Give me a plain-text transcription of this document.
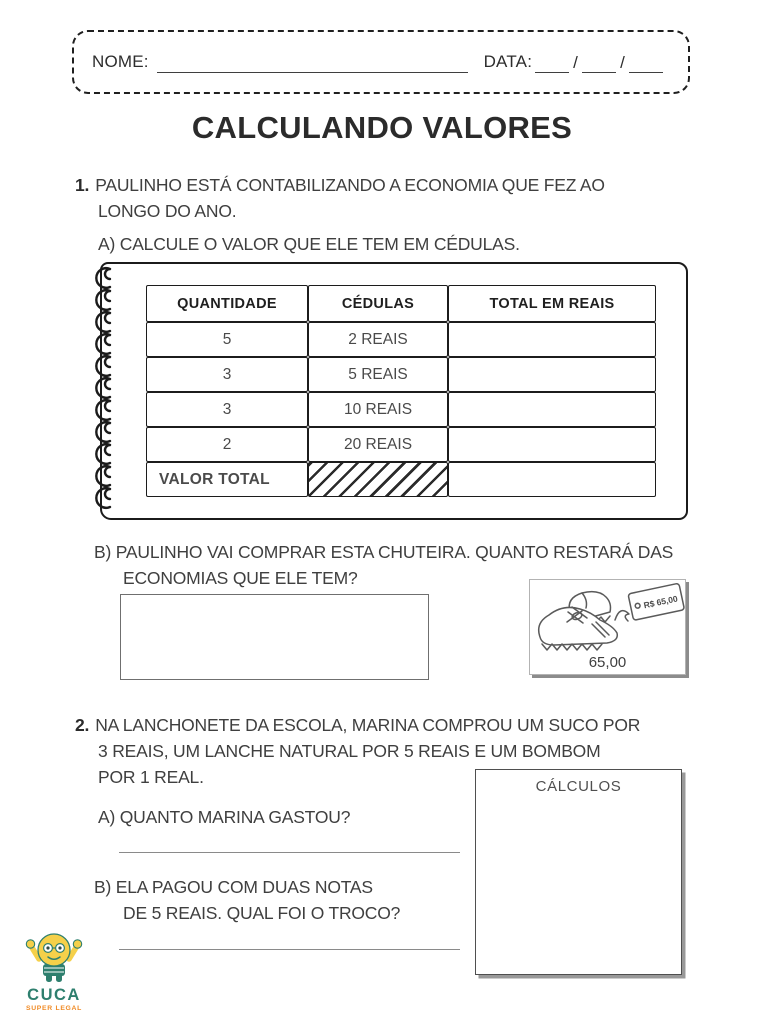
NOME:	DATA: / /
CALCULANDO VALORES
1. PAULINHO ESTÁ CONTABILIZANDO A ECONOMIA QUE FEZ AO
LONGO DO ANO.
A) CALCULE O VALOR QUE ELE TEM EM CÉDULAS.
QUANTIDADE	CÉDULAS	TOTAL EM REAIS
5	2 REAIS	
3	5 REAIS	
3	10 REAIS	
2	20 REAIS	
VALOR TOTAL		
B) PAULINHO VAI COMPRAR ESTA CHUTEIRA. QUANTO RESTARÁ DAS
ECONOMIAS QUE ELE TEM?
R$ 65,00
65,00
2. NA LANCHONETE DA ESCOLA, MARINA COMPROU UM SUCO POR
3 REAIS, UM LANCHE NATURAL POR 5 REAIS E UM BOMBOM
POR 1 REAL.	CÁLCULOS
A) QUANTO MARINA GASTOU?
B) ELA PAGOU COM DUAS NOTAS
DE 5 REAIS. QUAL FOI O TROCO?
CUCA
SUPER LEGAL
